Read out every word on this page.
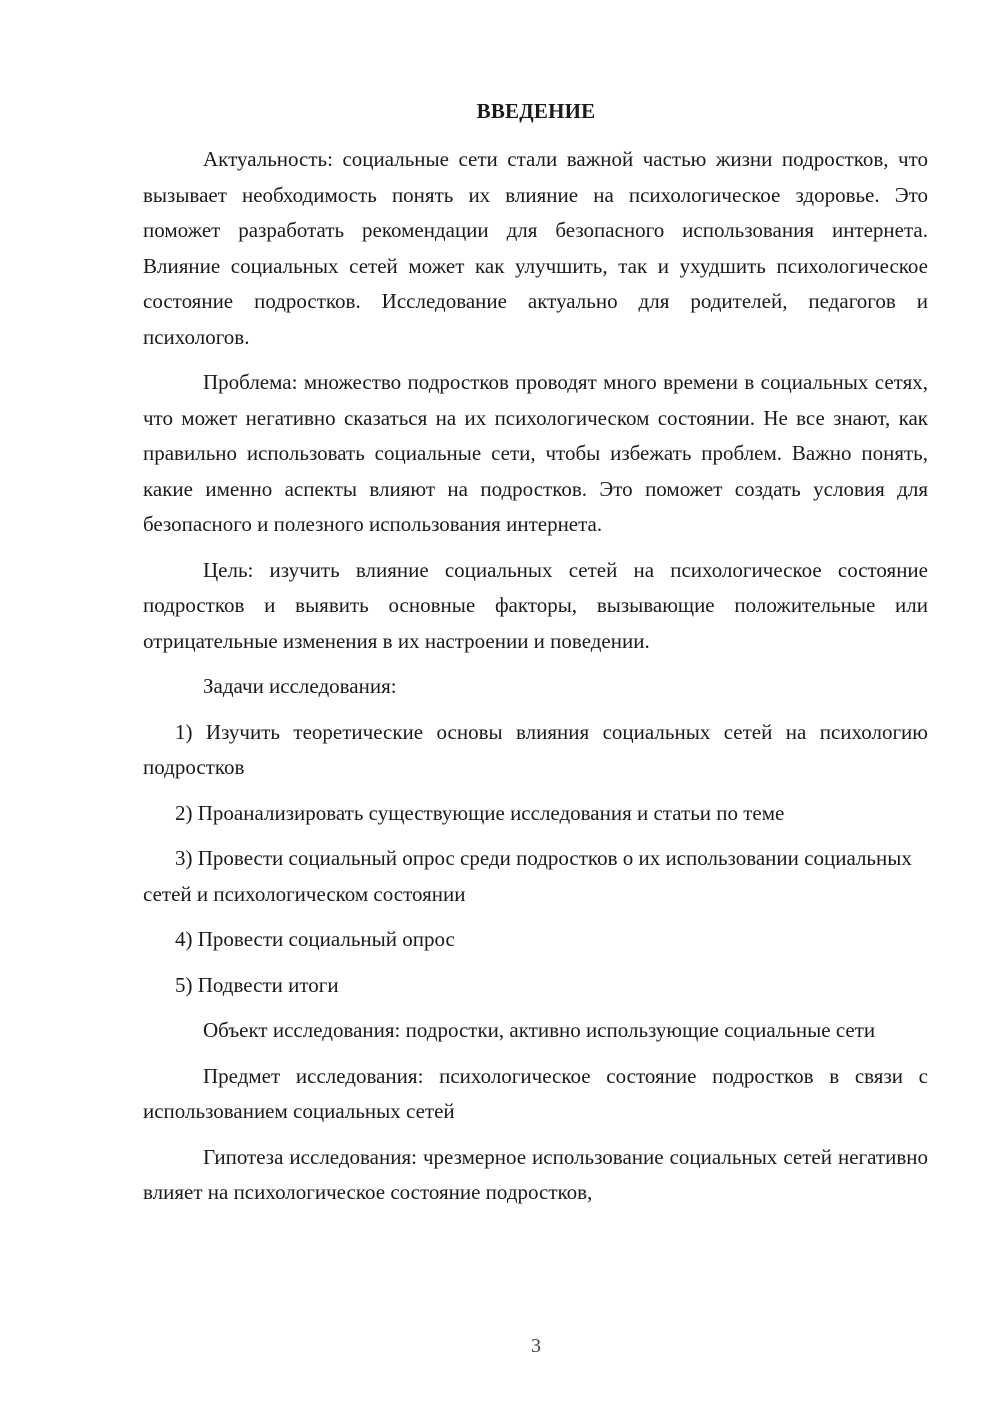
ВВЕДЕНИЕ

Актуальность: социальные сети стали важной частью жизни подростков, что вызывает необходимость понять их влияние на психологическое здоровье. Это поможет разработать рекомендации для безопасного использования интернета. Влияние социальных сетей может как улучшить, так и ухудшить психологическое состояние подростков. Исследование актуально для родителей, педагогов и психологов.

Проблема: множество подростков проводят много времени в социальных сетях, что может негативно сказаться на их психологическом состоянии. Не все знают, как правильно использовать социальные сети, чтобы избежать проблем. Важно понять, какие именно аспекты влияют на подростков. Это поможет создать условия для безопасного и полезного использования интернета.

Цель: изучить влияние социальных сетей на психологическое состояние подростков и выявить основные факторы, вызывающие положительные или отрицательные изменения в их настроении и поведении.

Задачи исследования:

1) Изучить теоретические основы влияния социальных сетей на психологию подростков

2) Проанализировать существующие исследования и статьи по теме

3) Провести социальный опрос среди подростков о их использовании социальных сетей и психологическом состоянии

4) Провести социальный опрос

5) Подвести итоги

Объект исследования: подростки, активно использующие социальные сети

Предмет исследования: психологическое состояние подростков в связи с использованием социальных сетей

Гипотеза исследования: чрезмерное использование социальных сетей негативно влияет на психологическое состояние подростков,

3
